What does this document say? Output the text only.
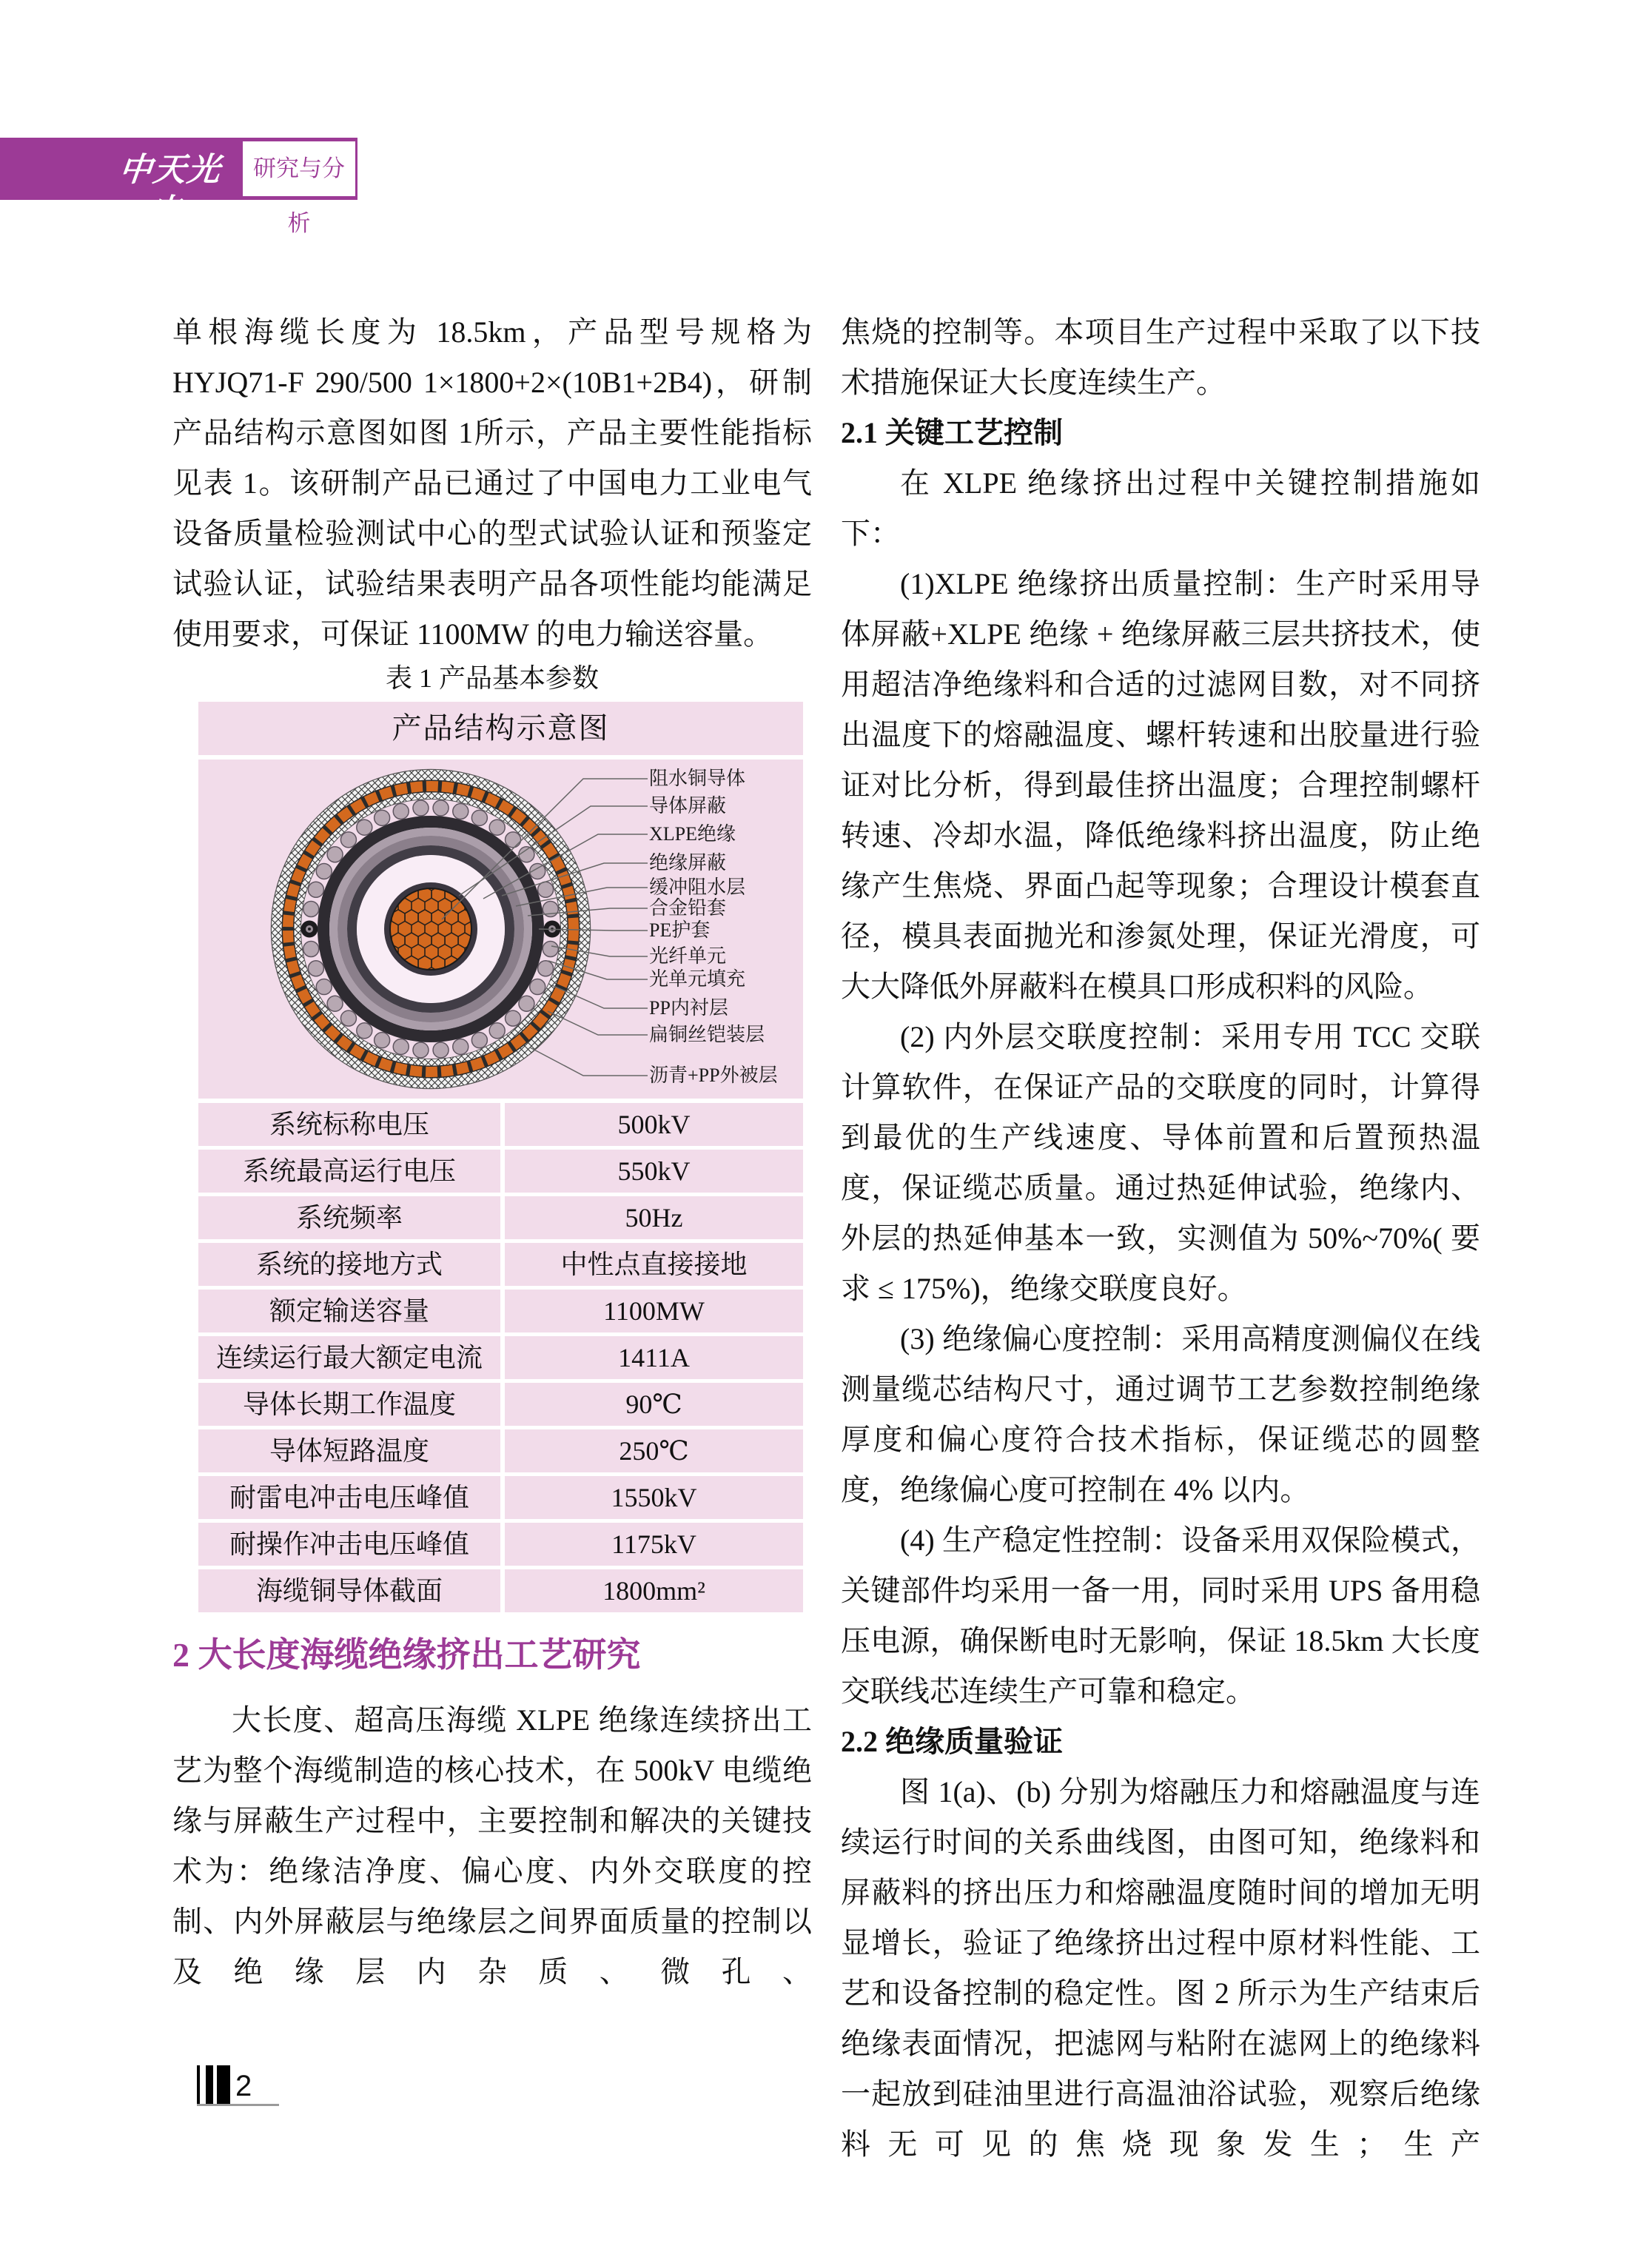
中天光电
研究与分析

单根海缆长度为 18.5km，产品型号规格为 HYJQ71-F 290/500 1×1800+2×(10B1+2B4)，研制产品结构示意图如图 1所示，产品主要性能指标见表 1。该研制产品已通过了中国电力工业电气设备质量检验测试中心的型式试验认证和预鉴定试验认证，试验结果表明产品各项性能均能满足使用要求，可保证 1100MW 的电力输送容量。

表 1 产品基本参数
产品结构示意图
阻水铜导体
导体屏蔽
XLPE绝缘
绝缘屏蔽
缓冲阻水层
合金铅套
PE护套
光纤单元
光单元填充
PP内衬层
扁铜丝铠装层
沥青+PP外被层
系统标称电压	500kV
系统最高运行电压	550kV
系统频率	50Hz
系统的接地方式	中性点直接接地
额定输送容量	1100MW
连续运行最大额定电流	1411A
导体长期工作温度	90℃
导体短路温度	250℃
耐雷电冲击电压峰值	1550kV
耐操作冲击电压峰值	1175kV
海缆铜导体截面	1800mm²
2 大长度海缆绝缘挤出工艺研究

大长度、超高压海缆 XLPE 绝缘连续挤出工艺为整个海缆制造的核心技术，在 500kV 电缆绝缘与屏蔽生产过程中，主要控制和解决的关键技术为：绝缘洁净度、偏心度、内外交联度的控制、内外屏蔽层与绝缘层之间界面质量的控制以及绝缘层内杂质、微孔、

焦烧的控制等。本项目生产过程中采取了以下技术措施保证大长度连续生产。

2.1 关键工艺控制

在 XLPE 绝缘挤出过程中关键控制措施如下：

(1)XLPE 绝缘挤出质量控制：生产时采用导体屏蔽+XLPE 绝缘 + 绝缘屏蔽三层共挤技术，使用超洁净绝缘料和合适的过滤网目数，对不同挤出温度下的熔融温度、螺杆转速和出胶量进行验证对比分析，得到最佳挤出温度；合理控制螺杆转速、冷却水温，降低绝缘料挤出温度，防止绝缘产生焦烧、界面凸起等现象；合理设计模套直径，模具表面抛光和渗氮处理，保证光滑度，可大大降低外屏蔽料在模具口形成积料的风险。

(2) 内外层交联度控制：采用专用 TCC 交联计算软件，在保证产品的交联度的同时，计算得到最优的生产线速度、导体前置和后置预热温度，保证缆芯质量。通过热延伸试验，绝缘内、外层的热延伸基本一致，实测值为 50%~70%( 要求 ≤ 175%)，绝缘交联度良好。

(3) 绝缘偏心度控制：采用高精度测偏仪在线测量缆芯结构尺寸，通过调节工艺参数控制绝缘厚度和偏心度符合技术指标，保证缆芯的圆整度，绝缘偏心度可控制在 4% 以内。

(4) 生产稳定性控制：设备采用双保险模式，关键部件均采用一备一用，同时采用 UPS 备用稳压电源，确保断电时无影响，保证 18.5km 大长度交联线芯连续生产可靠和稳定。

2.2 绝缘质量验证

图 1(a)、(b) 分别为熔融压力和熔融温度与连续运行时间的关系曲线图，由图可知，绝缘料和屏蔽料的挤出压力和熔融温度随时间的增加无明显增长，验证了绝缘挤出过程中原材料性能、工艺和设备控制的稳定性。图 2 所示为生产结束后绝缘表面情况，把滤网与粘附在滤网上的绝缘料一起放到硅油里进行高温油浴试验，观察后绝缘料无可见的焦烧现象发生；生产

2
